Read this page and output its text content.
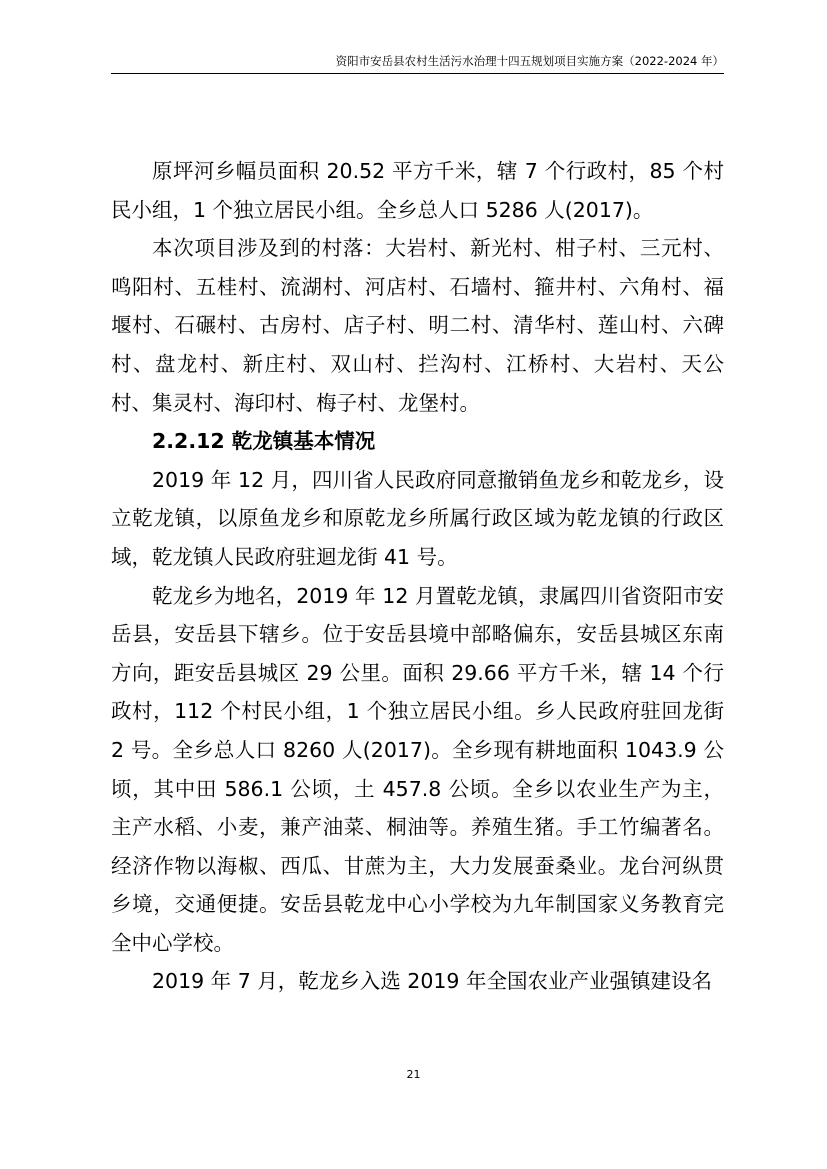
资阳市安岳县农村生活污水治理十四五规划项目实施方案（2022-2024 年）

原坪河乡幅员面积 20.52 平方千米，辖 7 个行政村，85 个村民小组，1 个独立居民小组。全乡总人口 5286 人(2017)。

本次项目涉及到的村落：大岩村、新光村、柑子村、三元村、鸣阳村、五桂村、流湖村、河店村、石墙村、箍井村、六角村、福堰村、石碾村、古房村、店子村、明二村、清华村、莲山村、六碑村、盘龙村、新庄村、双山村、拦沟村、江桥村、大岩村、天公村、集灵村、海印村、梅子村、龙堡村。

2.2.12 乾龙镇基本情况

2019 年 12 月，四川省人民政府同意撤销鱼龙乡和乾龙乡，设立乾龙镇，以原鱼龙乡和原乾龙乡所属行政区域为乾龙镇的行政区域，乾龙镇人民政府驻迴龙街 41 号。

乾龙乡为地名，2019 年 12 月置乾龙镇，隶属四川省资阳市安岳县，安岳县下辖乡。位于安岳县境中部略偏东，安岳县城区东南方向，距安岳县城区 29 公里。面积 29.66 平方千米，辖 14 个行政村，112 个村民小组，1 个独立居民小组。乡人民政府驻回龙街 2 号。全乡总人口 8260 人(2017)。全乡现有耕地面积 1043.9 公顷，其中田 586.1 公顷，土 457.8 公顷。全乡以农业生产为主，主产水稻、小麦，兼产油菜、桐油等。养殖生猪。手工竹编著名。 经济作物以海椒、西瓜、甘蔗为主，大力发展蚕桑业。龙台河纵贯乡境，交通便捷。安岳县乾龙中心小学校为九年制国家义务教育完全中心学校。

2019 年 7 月，乾龙乡入选 2019 年全国农业产业强镇建设名

21
